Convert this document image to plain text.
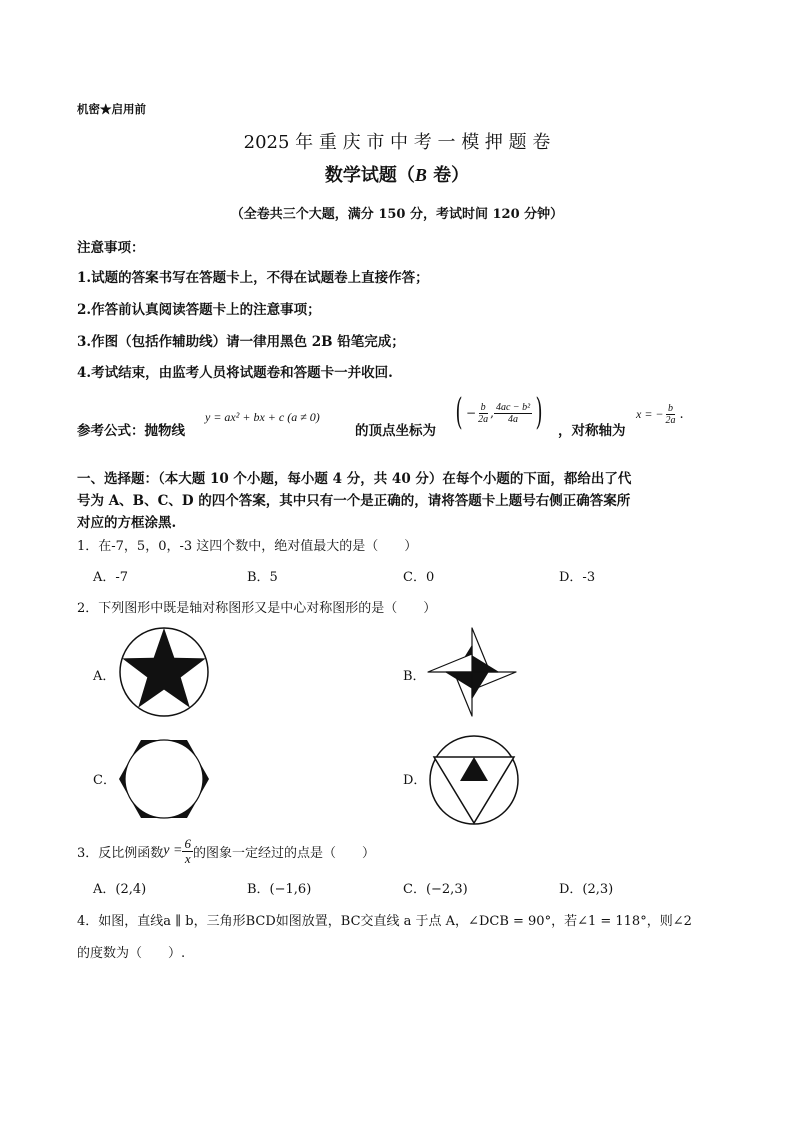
机密★启用前
2025 年 重 庆 市 中 考 一 模 押 题 卷
数学试题（B 卷）
（全卷共三个大题，满分 150 分，考试时间 120 分钟）
注意事项：
1.试题的答案书写在答题卡上，不得在试题卷上直接作答；
2.作答前认真阅读答题卡上的注意事项；
3.作图（包括作辅助线）请一律用黑色 2B 铅笔完成；
4.考试结束，由监考人员将试题卷和答题卡一并收回.
参考公式：抛物线
y = ax² + bx + c (a ≠ 0)
的顶点坐标为 ( − $\frac{b}{2a}$ , $\frac{\text{4ac − b²}}{4a}$ ) ，对称轴为
x = − $\frac{b}{2a}$ .
一、选择题：（本大题 10 个小题，每小题 4 分，共 40 分）在每个小题的下面，都给出了代
号为 A、B、C、D 的四个答案，其中只有一个是正确的，请将答题卡上题号右侧正确答案所
对应的方框涂黑.
1．在-7，5，0，-3 这四个数中，绝对值最大的是（　　）
A．-7	B．5	C．0	D．-3
2．下列图形中既是轴对称图形又是中心对称图形的是（　　）
A．	B．
C．	D．
3．反比例函数 $y = \frac{6}{x}$ 的图象一定经过的点是（　　）
A．(2,4)	B．(−1,6)	C．(−2,3)	D．(2,3)
4．如图，直线a ∥ b，三角形BCD如图放置，BC交直线 a 于点 A，∠DCB = 90°，若∠1 = 118°，则∠2
的度数为（　　）.
